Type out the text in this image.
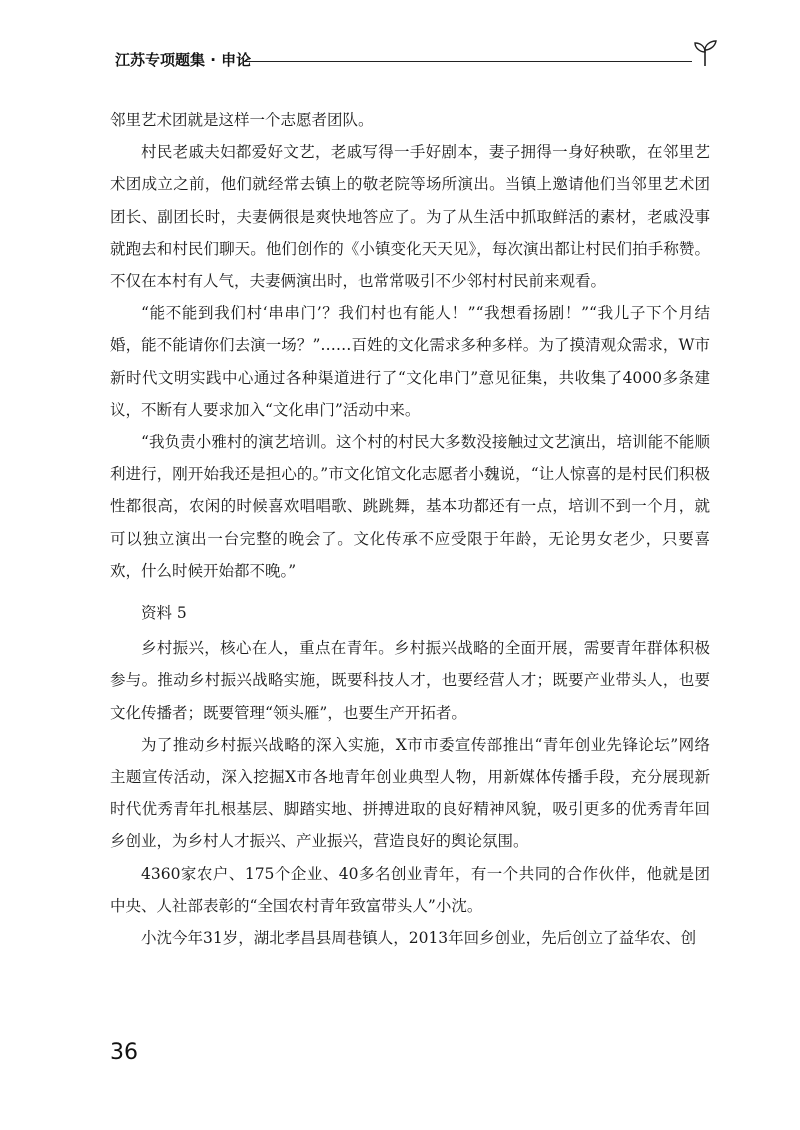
江苏专项题集 · 申论

邻里艺术团就是这样一个志愿者团队。

村民老戚夫妇都爱好文艺，老戚写得一手好剧本，妻子拥得一身好秧歌，在邻里艺术团成立之前，他们就经常去镇上的敬老院等场所演出。当镇上邀请他们当邻里艺术团团长、副团长时，夫妻俩很是爽快地答应了。为了从生活中抓取鲜活的素材，老戚没事就跑去和村民们聊天。他们创作的《小镇变化天天见》，每次演出都让村民们拍手称赞。不仅在本村有人气，夫妻俩演出时，也常常吸引不少邻村村民前来观看。

“能不能到我们村‘串串门’？我们村也有能人！”“我想看扬剧！”“我儿子下个月结婚，能不能请你们去演一场？”……百姓的文化需求多种多样。为了摸清观众需求，W市新时代文明实践中心通过各种渠道进行了“文化串门”意见征集，共收集了4000多条建议，不断有人要求加入“文化串门”活动中来。

“我负责小雅村的演艺培训。这个村的村民大多数没接触过文艺演出，培训能不能顺利进行，刚开始我还是担心的。”市文化馆文化志愿者小魏说，“让人惊喜的是村民们积极性都很高，农闲的时候喜欢唱唱歌、跳跳舞，基本功都还有一点，培训不到一个月，就可以独立演出一台完整的晚会了。文化传承不应受限于年龄，无论男女老少，只要喜欢，什么时候开始都不晚。”

资料 5

乡村振兴，核心在人，重点在青年。乡村振兴战略的全面开展，需要青年群体积极参与。推动乡村振兴战略实施，既要科技人才，也要经营人才；既要产业带头人，也要文化传播者；既要管理“领头雁”，也要生产开拓者。

为了推动乡村振兴战略的深入实施，X市市委宣传部推出“青年创业先锋论坛”网络主题宣传活动，深入挖掘X市各地青年创业典型人物，用新媒体传播手段，充分展现新时代优秀青年扎根基层、脚踏实地、拼搏进取的良好精神风貌，吸引更多的优秀青年回乡创业，为乡村人才振兴、产业振兴，营造良好的舆论氛围。

4360家农户、175个企业、40多名创业青年，有一个共同的合作伙伴，他就是团中央、人社部表彰的“全国农村青年致富带头人”小沈。

小沈今年31岁，湖北孝昌县周巷镇人，2013年回乡创业，先后创立了益华农、创

36
